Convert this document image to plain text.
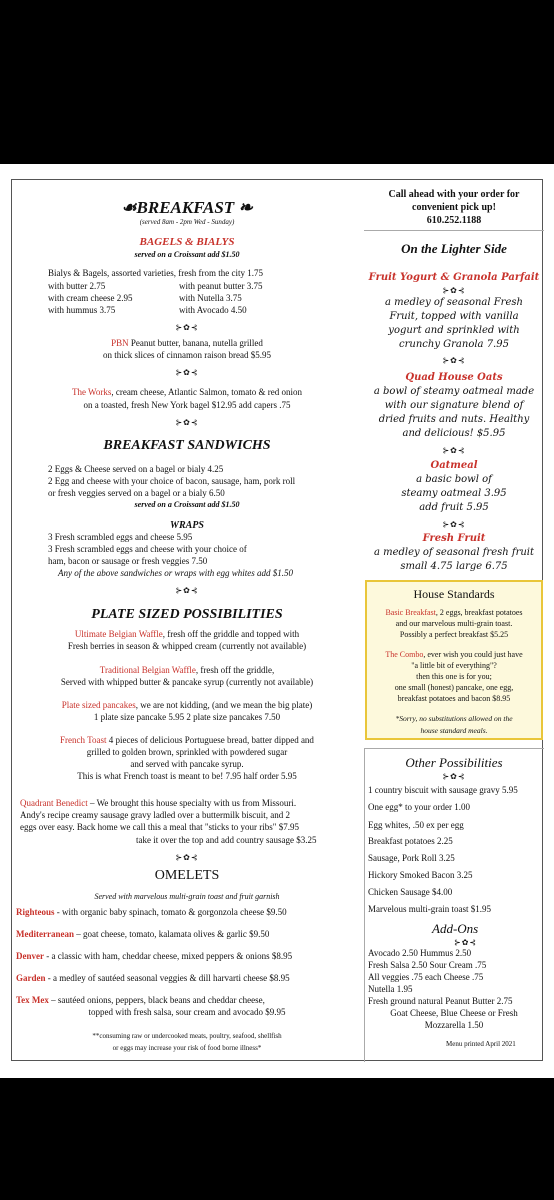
☙BREAKFAST ❧
(served 8am - 2pm Wed - Sunday)
BAGELS & BIALYS
served on a Croissant add $1.50
Bialys & Bagels, assorted varieties, fresh from the city 1.75
with butter 2.75	with peanut butter 3.75
with cream cheese 2.95	with Nutella 3.75
with hummus 3.75	with Avocado 4.50
⊱✿⊰
PBN Peanut butter, banana, nutella grilled
on thick slices of cinnamon raison bread $5.95
⊱✿⊰
The Works, cream cheese, Atlantic Salmon, tomato & red onion
on a toasted, fresh New York bagel $12.95 add capers .75
⊱✿⊰
BREAKFAST SANDWICHS
2 Eggs & Cheese served on a bagel or bialy 4.25
2 Egg and cheese with your choice of bacon, sausage, ham, pork roll
or fresh veggies served on a bagel or a bialy 6.50
served on a Croissant add $1.50
WRAPS
3 Fresh scrambled eggs and cheese 5.95
3 Fresh scrambled eggs and cheese with your choice of
ham, bacon or sausage or fresh veggies 7.50
Any of the above sandwiches or wraps with egg whites add $1.50
⊱✿⊰
PLATE SIZED POSSIBILITIES
Ultimate Belgian Waffle, fresh off the griddle and topped with
Fresh berries in season & whipped cream (currently not available)
Traditional Belgian Waffle, fresh off the griddle,
Served with whipped butter & pancake syrup (currently not available)
Plate sized pancakes, we are not kidding, (and we mean the big plate)
1 plate size pancake 5.95 2 plate size pancakes 7.50
French Toast 4 pieces of delicious Portuguese bread, batter dipped and
grilled to golden brown, sprinkled with powdered sugar
and served with pancake syrup.
This is what French toast is meant to be! 7.95 half order 5.95
Quadrant Benedict – We brought this house specialty with us from Missouri.
Andy's recipe creamy sausage gravy ladled over a buttermilk biscuit, and 2
eggs over easy. Back home we call this a meal that "sticks to your ribs" $7.95
take it over the top and add country sausage $3.25
⊱✿⊰
OMELETS
Served with marvelous multi-grain toast and fruit garnish
Righteous - with organic baby spinach, tomato & gorgonzola cheese $9.50
Mediterranean – goat cheese, tomato, kalamata olives & garlic $9.50
Denver - a classic with ham, cheddar cheese, mixed peppers & onions $8.95
Garden - a medley of sautéed seasonal veggies & dill harvarti cheese $8.95
Tex Mex – sautéed onions, peppers, black beans and cheddar cheese,
topped with fresh salsa, sour cream and avocado $9.95
**consuming raw or undercooked meats, poultry, seafood, shellfish
or eggs may increase your risk of food borne illness*
Call ahead with your order for
convenient pick up!
610.252.1188
On the Lighter Side
Fruit Yogurt & Granola Parfait
⊱✿⊰
a medley of seasonal Fresh
Fruit, topped with vanilla
yogurt and sprinkled with
crunchy Granola 7.95
⊱✿⊰
Quad House Oats
a bowl of steamy oatmeal made
with our signature blend of
dried fruits and nuts. Healthy
and delicious! $5.95
⊱✿⊰
Oatmeal
a basic bowl of
steamy oatmeal 3.95
add fruit 5.95
⊱✿⊰
Fresh Fruit
a medley of seasonal fresh fruit
small 4.75 large 6.75
House Standards
Basic Breakfast, 2 eggs, breakfast potatoes
and our marvelous multi-grain toast.
Possibly a perfect breakfast $5.25
The Combo, ever wish you could just have
"a little bit of everything"?
then this one is for you;
one small (honest) pancake, one egg,
breakfast potatoes and bacon $8.95
*Sorry, no substitutions allowed on the
house standard meals.
Other Possibilities
⊱✿⊰
1 country biscuit with sausage gravy 5.95
One egg* to your order 1.00
Egg whites, .50 ex per egg
Breakfast potatoes 2.25
Sausage, Pork Roll 3.25
Hickory Smoked Bacon 3.25
Chicken Sausage $4.00
Marvelous multi-grain toast $1.95
Add-Ons
⊱✿⊰
Avocado 2.50 Hummus 2.50
Fresh Salsa 2.50 Sour Cream .75
All veggies .75 each Cheese .75
Nutella 1.95
Fresh ground natural Peanut Butter 2.75
Goat Cheese, Blue Cheese or Fresh
Mozzarella 1.50
Menu printed April 2021
